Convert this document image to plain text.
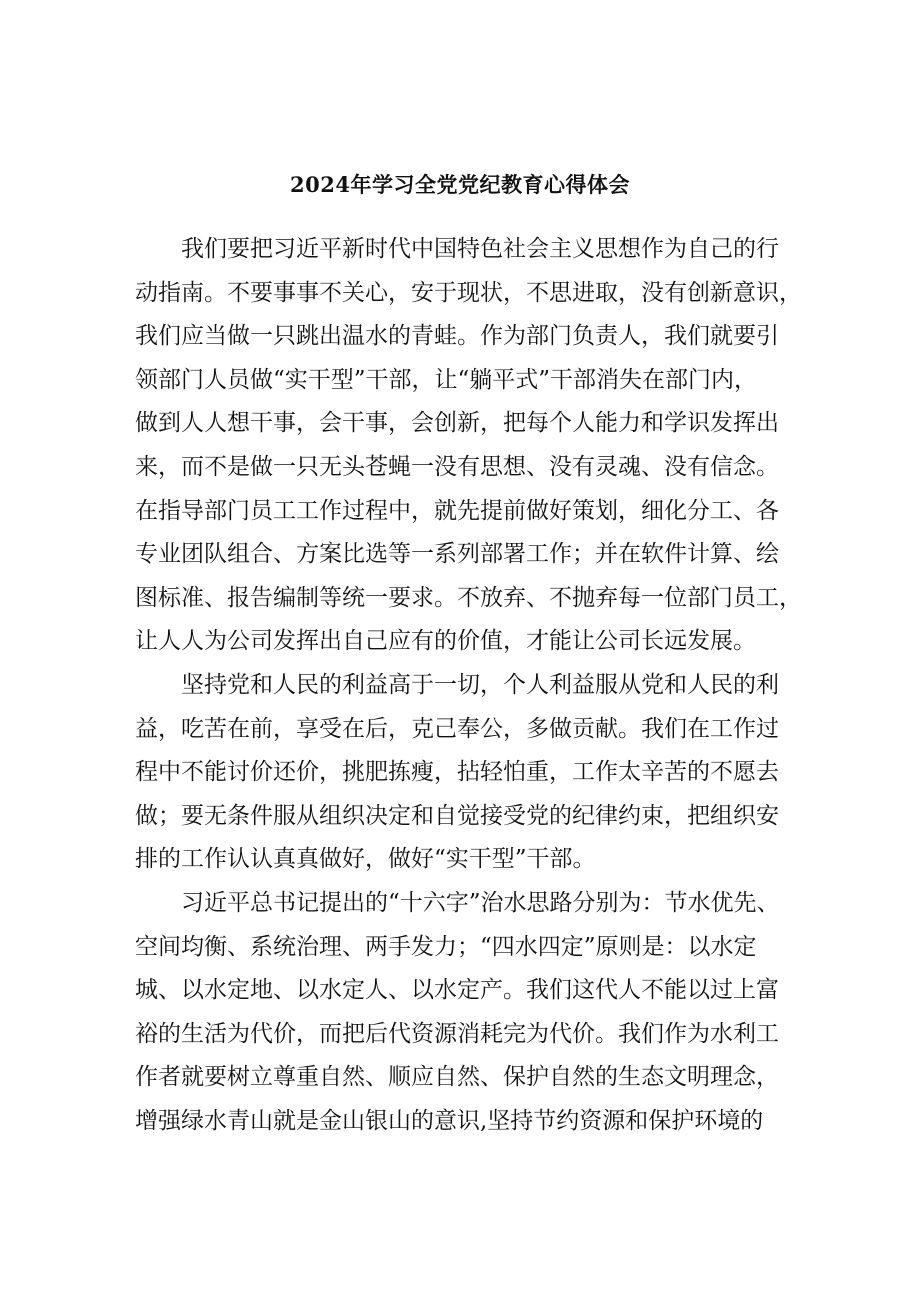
2024年学习全党党纪教育心得体会
我们要把习近平新时代中国特色社会主义思想作为自己的行
动指南。不要事事不关心，安于现状，不思进取，没有创新意识，
我们应当做一只跳出温水的青蛙。作为部门负责人，我们就要引
领部门人员做“实干型”干部，让“躺平式”干部消失在部门内，
做到人人想干事，会干事，会创新，把每个人能力和学识发挥出
来，而不是做一只无头苍蝇一没有思想、没有灵魂、没有信念。
在指导部门员工工作过程中，就先提前做好策划，细化分工、各
专业团队组合、方案比选等一系列部署工作；并在软件计算、绘
图标准、报告编制等统一要求。不放弃、不抛弃每一位部门员工，
让人人为公司发挥出自己应有的价值，才能让公司长远发展。
坚持党和人民的利益高于一切，个人利益服从党和人民的利
益，吃苦在前，享受在后，克己奉公，多做贡献。我们在工作过
程中不能讨价还价，挑肥拣瘦，拈轻怕重，工作太辛苦的不愿去
做；要无条件服从组织决定和自觉接受党的纪律约束，把组织安
排的工作认认真真做好，做好“实干型”干部。
习近平总书记提出的“十六字”治水思路分别为：节水优先、
空间均衡、系统治理、两手发力；“四水四定”原则是：以水定
城、以水定地、以水定人、以水定产。我们这代人不能以过上富
裕的生活为代价，而把后代资源消耗完为代价。我们作为水利工
作者就要树立尊重自然、顺应自然、保护自然的生态文明理念，
增强绿水青山就是金山银山的意识,坚持节约资源和保护环境的
